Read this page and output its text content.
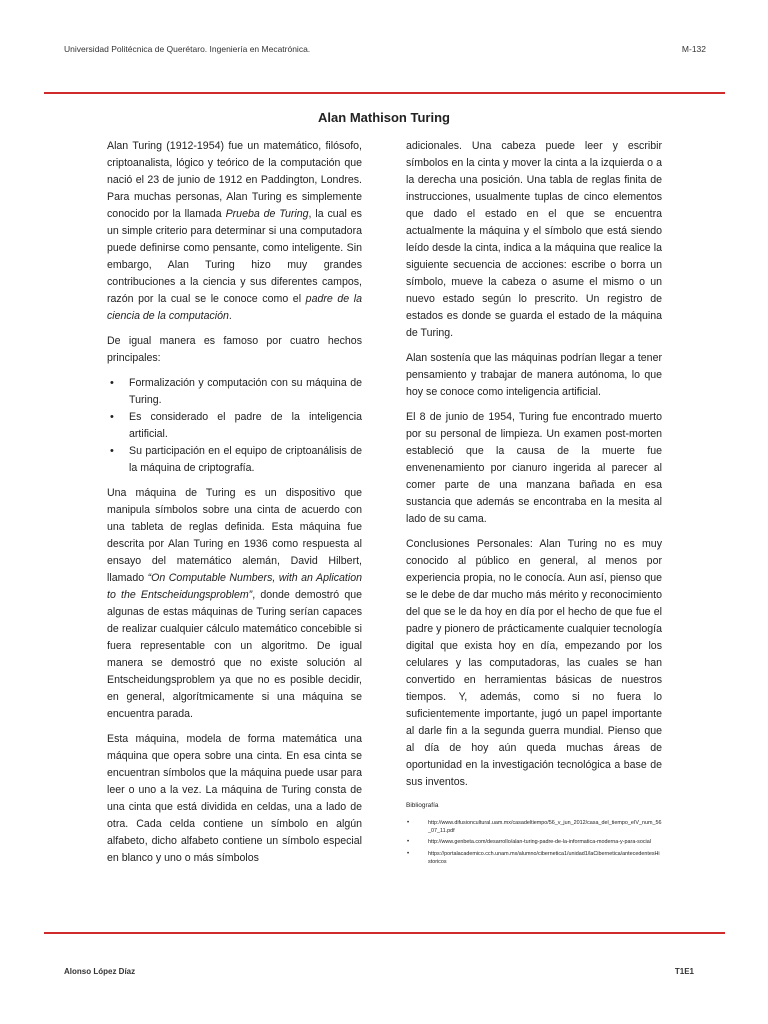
Universidad Politécnica de Querétaro. Ingeniería en Mecatrónica.	M-132
Alan Mathison Turing

Alan Turing (1912-1954) fue un matemático, filósofo, criptoanalista, lógico y teórico de la computación que nació el 23 de junio de 1912 en Paddington, Londres. Para muchas personas, Alan Turing es simplemente conocido por la llamada Prueba de Turing, la cual es un simple criterio para determinar si una computadora puede definirse como pensante, como inteligente. Sin embargo, Alan Turing hizo muy grandes contribuciones a la ciencia y sus diferentes campos, razón por la cual se le conoce como el padre de la ciencia de la computación.

De igual manera es famoso por cuatro hechos principales:

• Formalización y computación con su máquina de Turing.
• Es considerado el padre de la inteligencia artificial.
• Su participación en el equipo de criptoanálisis de la máquina de criptografía.

Una máquina de Turing es un dispositivo que manipula símbolos sobre una cinta de acuerdo con una tableta de reglas definida. Esta máquina fue descrita por Alan Turing en 1936 como respuesta al ensayo del matemático alemán, David Hilbert, llamado “On Computable Numbers, with an Aplication to the Entscheidungsproblem”, donde demostró que algunas de estas máquinas de Turing serían capaces de realizar cualquier cálculo matemático concebible si fuera representable con un algoritmo. De igual manera se demostró que no existe solución al Entscheidungsproblem ya que no es posible decidir, en general, algorítmicamente si una máquina se encuentra parada.

Esta máquina, modela de forma matemática una máquina que opera sobre una cinta. En esa cinta se encuentran símbolos que la máquina puede usar para leer o uno a la vez. La máquina de Turing consta de una cinta que está dividida en celdas, una a lado de otra. Cada celda contiene un símbolo en algún alfabeto, dicho alfabeto contiene un símbolo especial en blanco y uno o más símbolos

adicionales. Una cabeza puede leer y escribir símbolos en la cinta y mover la cinta a la izquierda o a la derecha una posición. Una tabla de reglas finita de instrucciones, usualmente tuplas de cinco elementos que dado el estado en el que se encuentra actualmente la máquina y el símbolo que está siendo leído desde la cinta, indica a la máquina que realice la siguiente secuencia de acciones: escribe o borra un símbolo, mueve la cabeza o asume el mismo o un nuevo estado según lo prescrito. Un registro de estados es donde se guarda el estado de la máquina de Turing.

Alan sostenía que las máquinas podrían llegar a tener pensamiento y trabajar de manera autónoma, lo que hoy se conoce como inteligencia artificial.

El 8 de junio de 1954, Turing fue encontrado muerto por su personal de limpieza. Un examen post-morten estableció que la causa de la muerte fue envenenamiento por cianuro ingerida al parecer al comer parte de una manzana bañada en esa sustancia que además se encontraba en la mesita al lado de su cama.

Conclusiones Personales: Alan Turing no es muy conocido al público en general, al menos por experiencia propia, no le conocía. Aun así, pienso que se le debe de dar mucho más mérito y reconocimiento del que se le da hoy en día por el hecho de que fue el padre y pionero de prácticamente cualquier tecnología digital que exista hoy en día, empezando por los celulares y las computadoras, las cuales se han convertido en herramientas básicas de nuestros tiempos. Y, además, como si no fuera lo suficientemente importante, jugó un papel importante al darle fin a la segunda guerra mundial. Pienso que al día de hoy aún queda muchas áreas de oportunidad en la investigación tecnológica a base de sus inventos.

Bibliografía
• http://www.difusioncultural.uam.mx/casadeltiempo/56_v_jun_2012/casa_del_tiempo_eIV_num_56_07_11.pdf
• http://www.genbeta.com/desarrollo/alan-turing-padre-de-la-informatica-moderna-y-para-social
• https://portalacademico.cch.unam.mx/alumno/cibernetica1/unidad1/laCibernetica/antecedentesHistoricos
Alonso López Díaz	T1E1
